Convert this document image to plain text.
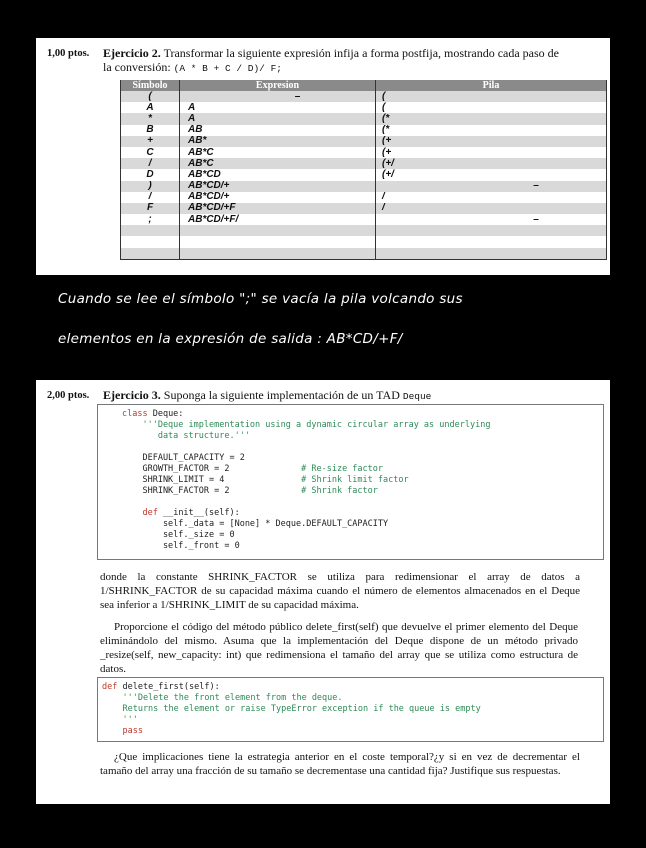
1,00 ptos. Ejercicio 2. Transformar la siguiente expresión infija a forma postfija, mostrando cada paso de
la conversión: (A * B + C / D)/ F;
Símbolo	Expresion	Pila
(	–	(
A	A	(
*	A	(*
B	AB	(*
+	AB*	(+
C	AB*C	(+
/	AB*C	(+/
D	AB*CD	(+/
)	AB*CD/+	–
/	AB*CD/+	/
F	AB*CD/+F	/
;	AB*CD/+F/	–

Cuando se lee el símbolo ";" se vacía la pila volcando sus
elementos en la expresión de salida : AB*CD/+F/
2,00 ptos. Ejercicio 3. Suponga la siguiente implementación de un TAD Deque
class Deque:
'''Deque implementation using a dynamic circular array as underlying
data structure.'''
DEFAULT_CAPACITY = 2
GROWTH_FACTOR = 2              # Re-size factor
SHRINK_LIMIT = 4               # Shrink limit factor
SHRINK_FACTOR = 2              # Shrink factor
def __init__(self):
self._data = [None] * Deque.DEFAULT_CAPACITY
self._size = 0
self._front = 0
donde la constante SHRINK_FACTOR se utiliza para redimensionar el array de datos a 1/SHRINK_FACTOR de su capacidad máxima cuando el número de elementos almacenados en el Deque sea inferior a 1/SHRINK_LIMIT de su capacidad máxima.
Proporcione el código del método público delete_first(self) que devuelve el primer elemento del Deque eliminándolo del mismo. Asuma que la implementación del Deque dispone de un método privado _resize(self, new_capacity: int) que redimensiona el tamaño del array que se utiliza como estructura de datos.
def delete_first(self):
'''Delete the front element from the deque.
Returns the element or raise TypeError exception if the queue is empty
'''
pass
¿Que implicaciones tiene la estrategia anterior en el coste temporal?¿y si en vez de decrementar el tamaño del array una fracción de su tamaño se decrementase una cantidad fija? Justifique sus respuestas.
